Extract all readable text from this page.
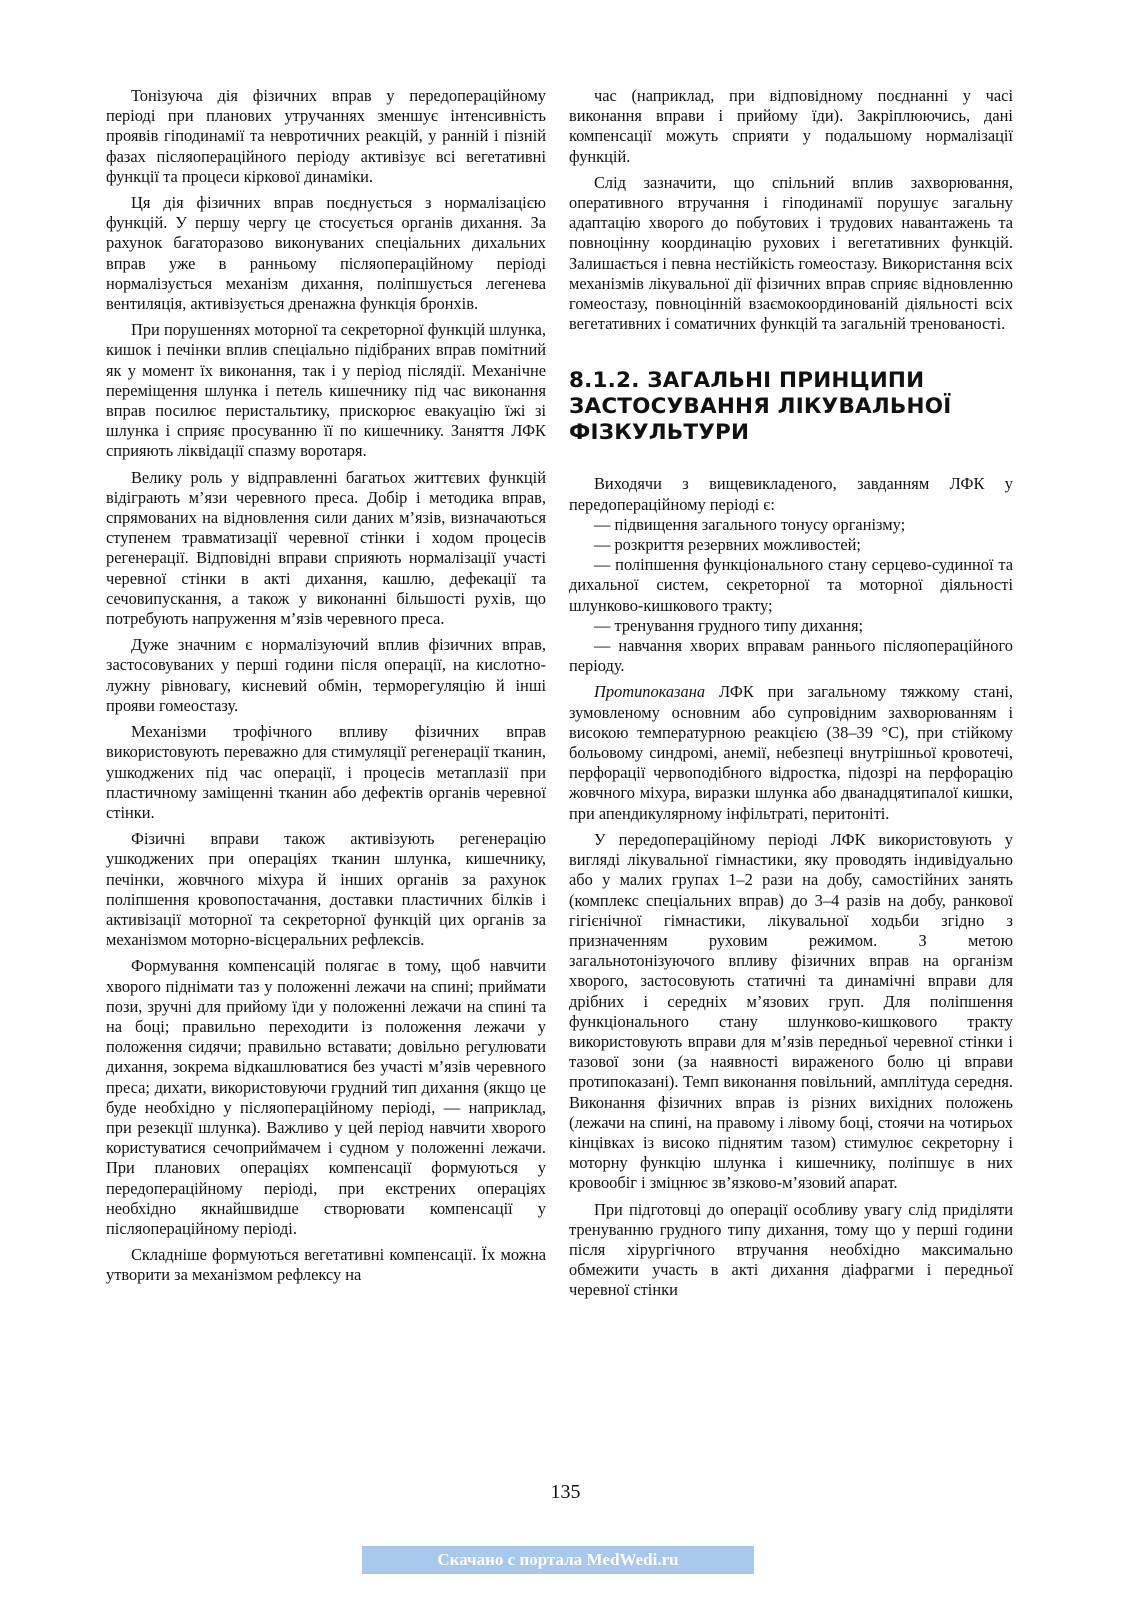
Тонізуюча дія фізичних вправ у передопераційному періоді при планових утручаннях зменшує інтенсивність проявів гіподинамії та невротичних реакцій, у ранній і пізній фазах післяопераційного періоду активізує всі вегетативні функції та процеси кіркової динаміки.

Ця дія фізичних вправ поєднується з нормалізацією функцій. У першу чергу це стосується органів дихання. За рахунок багаторазово виконуваних спеціальних дихальних вправ уже в ранньому післяопераційному періоді нормалізується механізм дихання, поліпшується легенева вентиляція, активізується дренажна функція бронхів.

При порушеннях моторної та секреторної функцій шлунка, кишок і печінки вплив спеціально підібраних вправ помітний як у момент їх виконання, так і у період післядії. Механічне переміщення шлунка і петель кишечнику під час виконання вправ посилює перистальтику, прискорює евакуацію їжі зі шлунка і сприяє просуванню її по кишечнику. Заняття ЛФК сприяють ліквідації спазму воротаря.

Велику роль у відправленні багатьох життєвих функцій відіграють м’язи черевного преса. Добір і методика вправ, спрямованих на відновлення сили даних м’язів, визначаються ступенем травматизації черевної стінки і ходом процесів регенерації. Відповідні вправи сприяють нормалізації участі черевної стінки в акті дихання, кашлю, дефекації та сечовипускання, а також у виконанні більшості рухів, що потребують напруження м’язів черевного преса.

Дуже значним є нормалізуючий вплив фізичних вправ, застосовуваних у перші години після операції, на кислотно-лужну рівновагу, кисневий обмін, терморегуляцію й інші прояви гомеостазу.

Механізми трофічного впливу фізичних вправ використовують переважно для стимуляції регенерації тканин, ушкоджених під час операції, і процесів метаплазії при пластичному заміщенні тканин або дефектів органів черевної стінки.

Фізичні вправи також активізують регенерацію ушкоджених при операціях тканин шлунка, кишечнику, печінки, жовчного міхура й інших органів за рахунок поліпшення кровопостачання, доставки пластичних білків і активізації моторної та секреторної функцій цих органів за механізмом моторно-вісцеральних рефлексів.

Формування компенсацій полягає в тому, щоб навчити хворого піднімати таз у положенні лежачи на спині; приймати пози, зручні для прийому їди у положенні лежачи на спині та на боці; правильно переходити із положення лежачи у положення сидячи; правильно вставати; довільно регулювати дихання, зокрема відкашлюватися без участі м’язів черевного преса; дихати, використовуючи грудний тип дихання (якщо це буде необхідно у післяопераційному періоді, — наприклад, при резекції шлунка). Важливо у цей період навчити хворого користуватися сечоприймачем і судном у положенні лежачи. При планових операціях компенсації формуються у передопераційному періоді, при екстрених операціях необхідно якнайшвидше створювати компенсації у післяопераційному періоді.

Складніше формуються вегетативні компенсації. Їх можна утворити за механізмом рефлексу на

час (наприклад, при відповідному поєднанні у часі виконання вправи і прийому їди). Закріплюючись, дані компенсації можуть сприяти у подальшому нормалізації функцій.

Слід зазначити, що спільний вплив захворювання, оперативного втручання і гіподинамії порушує загальну адаптацію хворого до побутових і трудових навантажень та повноцінну координацію рухових і вегетативних функцій. Залишається і певна нестійкість гомеостазу. Використання всіх механізмів лікувальної дії фізичних вправ сприяє відновленню гомеостазу, повноцінній взаємокоординованій діяльності всіх вегетативних і соматичних функцій та загальній тренованості.

8.1.2. ЗАГАЛЬНІ ПРИНЦИПИ ЗАСТОСУВАННЯ ЛІКУВАЛЬНОЇ ФІЗКУЛЬТУРИ

Виходячи з вищевикладеного, завданням ЛФК у передопераційному періоді є:

— підвищення загального тонусу організму;

— розкриття резервних можливостей;

— поліпшення функціонального стану серцево-судинної та дихальної систем, секреторної та моторної діяльності шлунково-кишкового тракту;

— тренування грудного типу дихання;

— навчання хворих вправам раннього післяопераційного періоду.

Протипоказана ЛФК при загальному тяжкому стані, зумовленому основним або супровідним захворюванням і високою температурною реакцією (38–39 °С), при стійкому больовому синдромі, анемії, небезпеці внутрішньої кровотечі, перфорації червоподібного відростка, підозрі на перфорацію жовчного міхура, виразки шлунка або дванадцятипалої кишки, при апендикулярному інфільтраті, перитоніті.

У передопераційному періоді ЛФК використовують у вигляді лікувальної гімнастики, яку проводять індивідуально або у малих групах 1–2 рази на добу, самостійних занять (комплекс спеціальних вправ) до 3–4 разів на добу, ранкової гігієнічної гімнастики, лікувальної ходьби згідно з призначенням руховим режимом. З метою загальнотонізуючого впливу фізичних вправ на організм хворого, застосовують статичні та динамічні вправи для дрібних і середніх м’язових груп. Для поліпшення функціонального стану шлунково-кишкового тракту використовують вправи для м’язів передньої черевної стінки і тазової зони (за наявності вираженого болю ці вправи протипоказані). Темп виконання повільний, амплітуда середня. Виконання фізичних вправ із різних вихідних положень (лежачи на спині, на правому і лівому боці, стоячи на чотирьох кінцівках із високо піднятим тазом) стимулює секреторну і моторну функцію шлунка і кишечнику, поліпшує в них кровообіг і зміцнює зв’язково-м’язовий апарат.

При підготовці до операції особливу увагу слід приділяти тренуванню грудного типу дихання, тому що у перші години після хірургічного втручання необхідно максимально обмежити участь в акті дихання діафрагми і передньої черевної стінки

135
Скачано с портала MedWedi.ru
